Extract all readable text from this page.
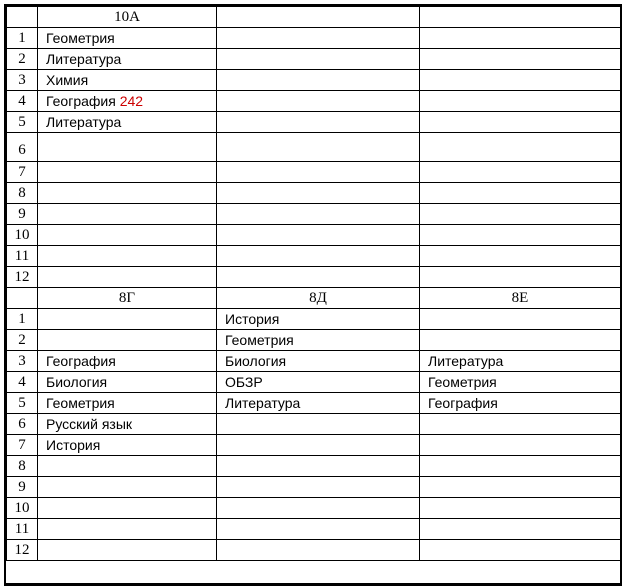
	10А		
1	Геометрия		
2	Литература		
3	Химия		
4	География 242		
5	Литература		
6			
7			
8			
9			
10			
11			
12			
	8Г	8Д	8Е
1		История	
2		Геометрия	
3	География	Биология	Литература
4	Биология	ОБЗР	Геометрия
5	Геометрия	Литература	География
6	Русский язык		
7	История		
8			
9			
10			
11			
12			
